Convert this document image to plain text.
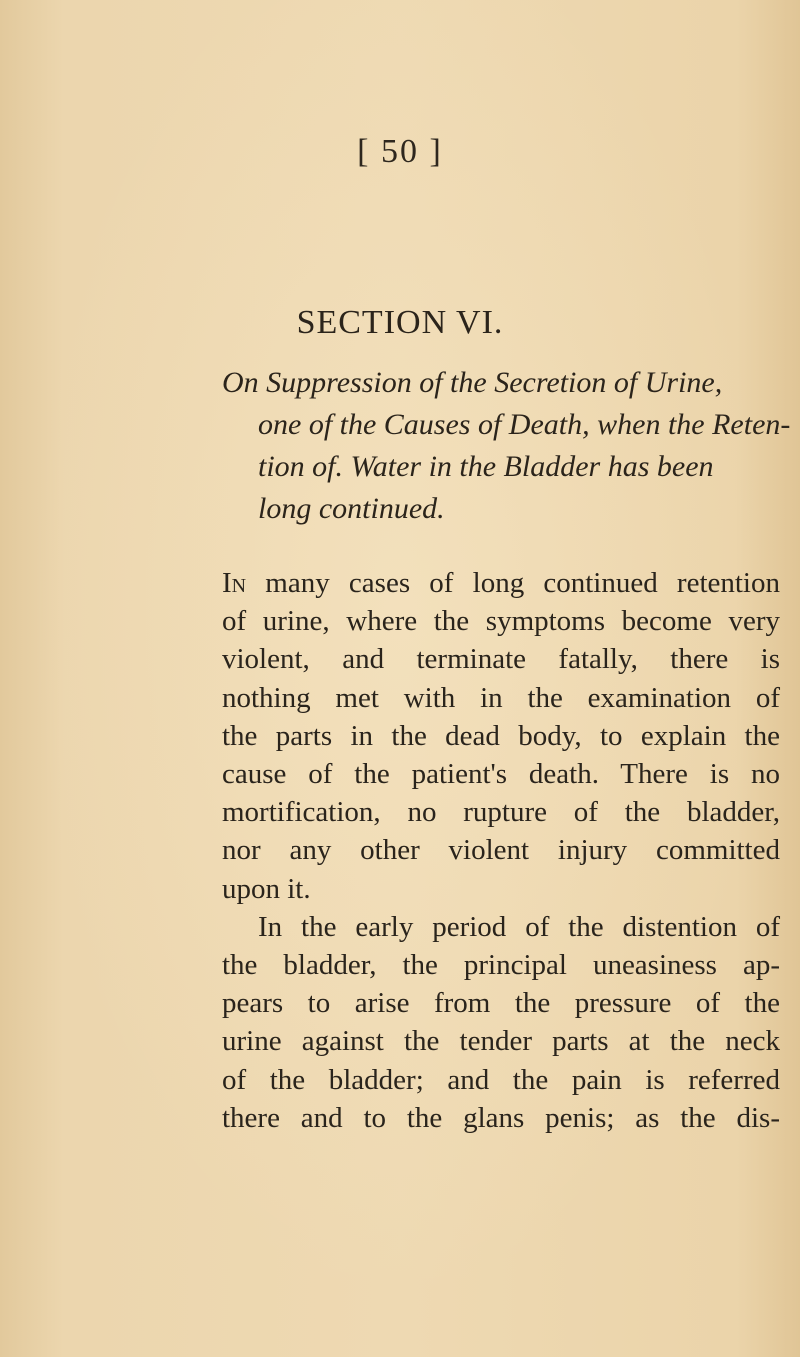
[ 50 ]
SECTION VI.
On Suppression of the Secretion of Urine,
one of the Causes of Death, when the Reten-
tion of. Water in the Bladder has been
long continued.
In many cases of long continued retention
of urine, where the symptoms become very
violent, and terminate fatally, there is
nothing met with in the examination of
the parts in the dead body, to explain the
cause of the patient's death. There is no
mortification, no rupture of the bladder,
nor any other violent injury committed
upon it.
In the early period of the distention of
the bladder, the principal uneasiness ap-
pears to arise from the pressure of the
urine against the tender parts at the neck
of the bladder; and the pain is referred
there and to the glans penis; as the dis-
